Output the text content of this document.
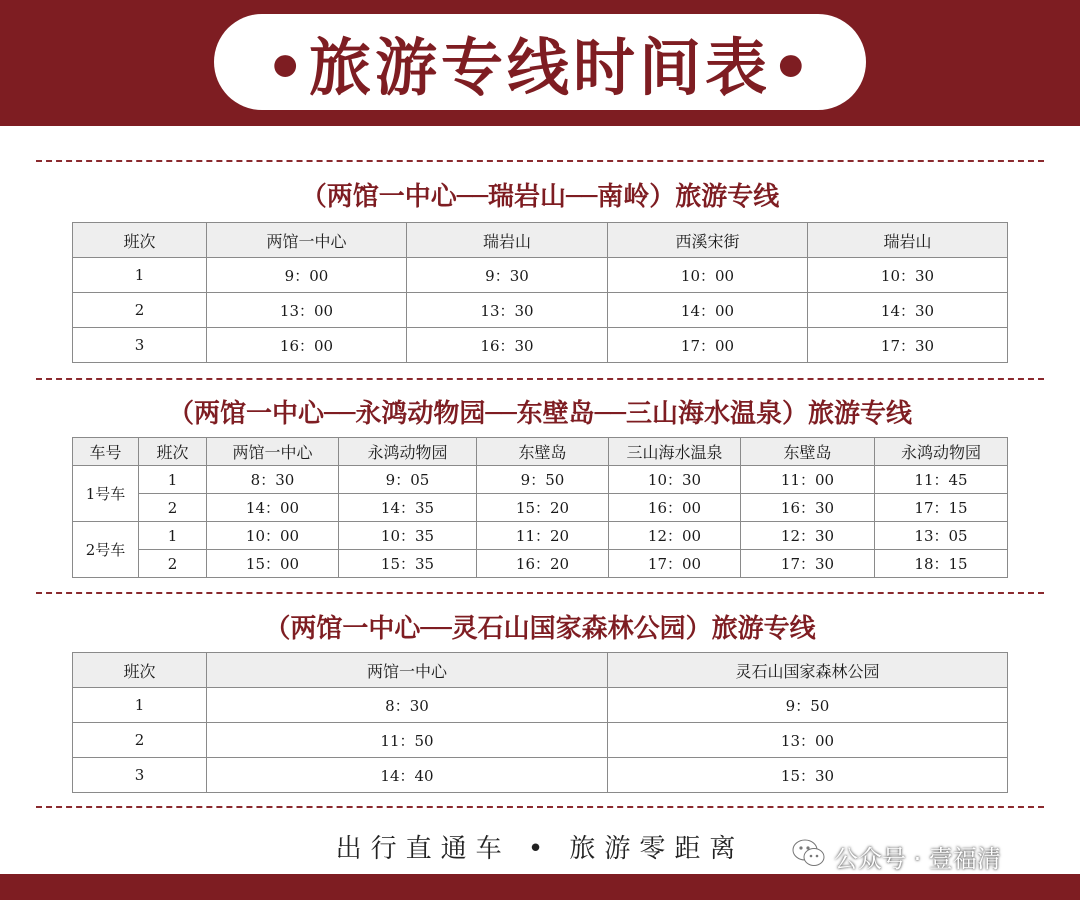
•旅游专线时间表•
（两馆一中心──瑞岩山──南岭）旅游专线
班次	两馆一中心	瑞岩山	西溪宋街	瑞岩山
1	9：00	9：30	10：00	10：30
2	13：00	13：30	14：00	14：30
3	16：00	16：30	17：00	17：30
（两馆一中心──永鸿动物园──东壁岛──三山海水温泉）旅游专线
车号	班次	两馆一中心	永鸿动物园	东壁岛	三山海水温泉	东壁岛	永鸿动物园
1号车	1	8：30	9：05	9：50	10：30	11：00	11：45
	2	14：00	14：35	15：20	16：00	16：30	17：15
2号车	1	10：00	10：35	11：20	12：00	12：30	13：05
	2	15：00	15：35	16：20	17：00	17：30	18：15
（两馆一中心──灵石山国家森林公园）旅游专线
班次	两馆一中心	灵石山国家森林公园
1	8：30	9：50
2	11：50	13：00
3	14：40	15：30
出行直通车 • 旅游零距离	公众号 · 壹福清
